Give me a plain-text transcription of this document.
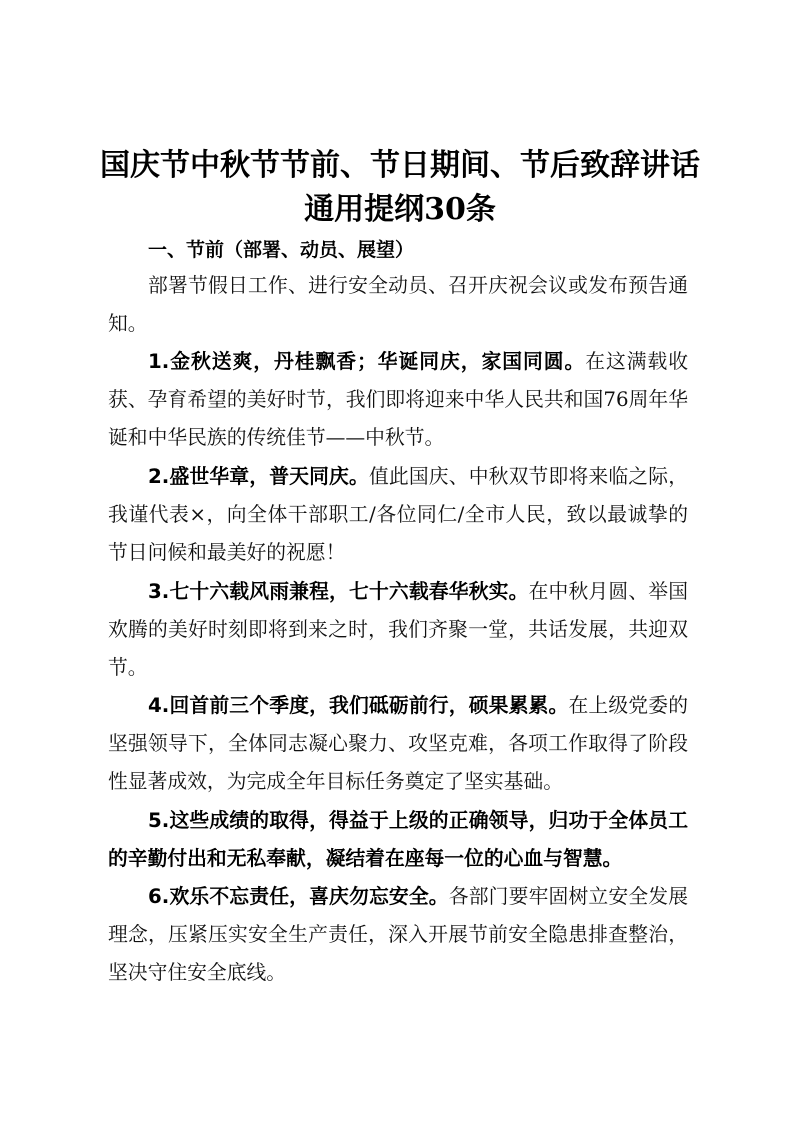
国庆节中秋节节前、节日期间、节后致辞讲话
通用提纲30条
一、节前（部署、动员、展望）

部署节假日工作、进行安全动员、召开庆祝会议或发布预告通知。

1.金秋送爽，丹桂飘香；华诞同庆，家国同圆。在这满载收获、孕育希望的美好时节，我们即将迎来中华人民共和国76周年华诞和中华民族的传统佳节——中秋节。

2.盛世华章，普天同庆。值此国庆、中秋双节即将来临之际，我谨代表×，向全体干部职工/各位同仁/全市人民，致以最诚挚的节日问候和最美好的祝愿！

3.七十六载风雨兼程，七十六载春华秋实。在中秋月圆、举国欢腾的美好时刻即将到来之时，我们齐聚一堂，共话发展，共迎双节。

4.回首前三个季度，我们砥砺前行，硕果累累。在上级党委的坚强领导下，全体同志凝心聚力、攻坚克难，各项工作取得了阶段性显著成效，为完成全年目标任务奠定了坚实基础。

5.这些成绩的取得，得益于上级的正确领导，归功于全体员工的辛勤付出和无私奉献，凝结着在座每一位的心血与智慧。

6.欢乐不忘责任，喜庆勿忘安全。各部门要牢固树立安全发展理念，压紧压实安全生产责任，深入开展节前安全隐患排查整治，坚决守住安全底线。
